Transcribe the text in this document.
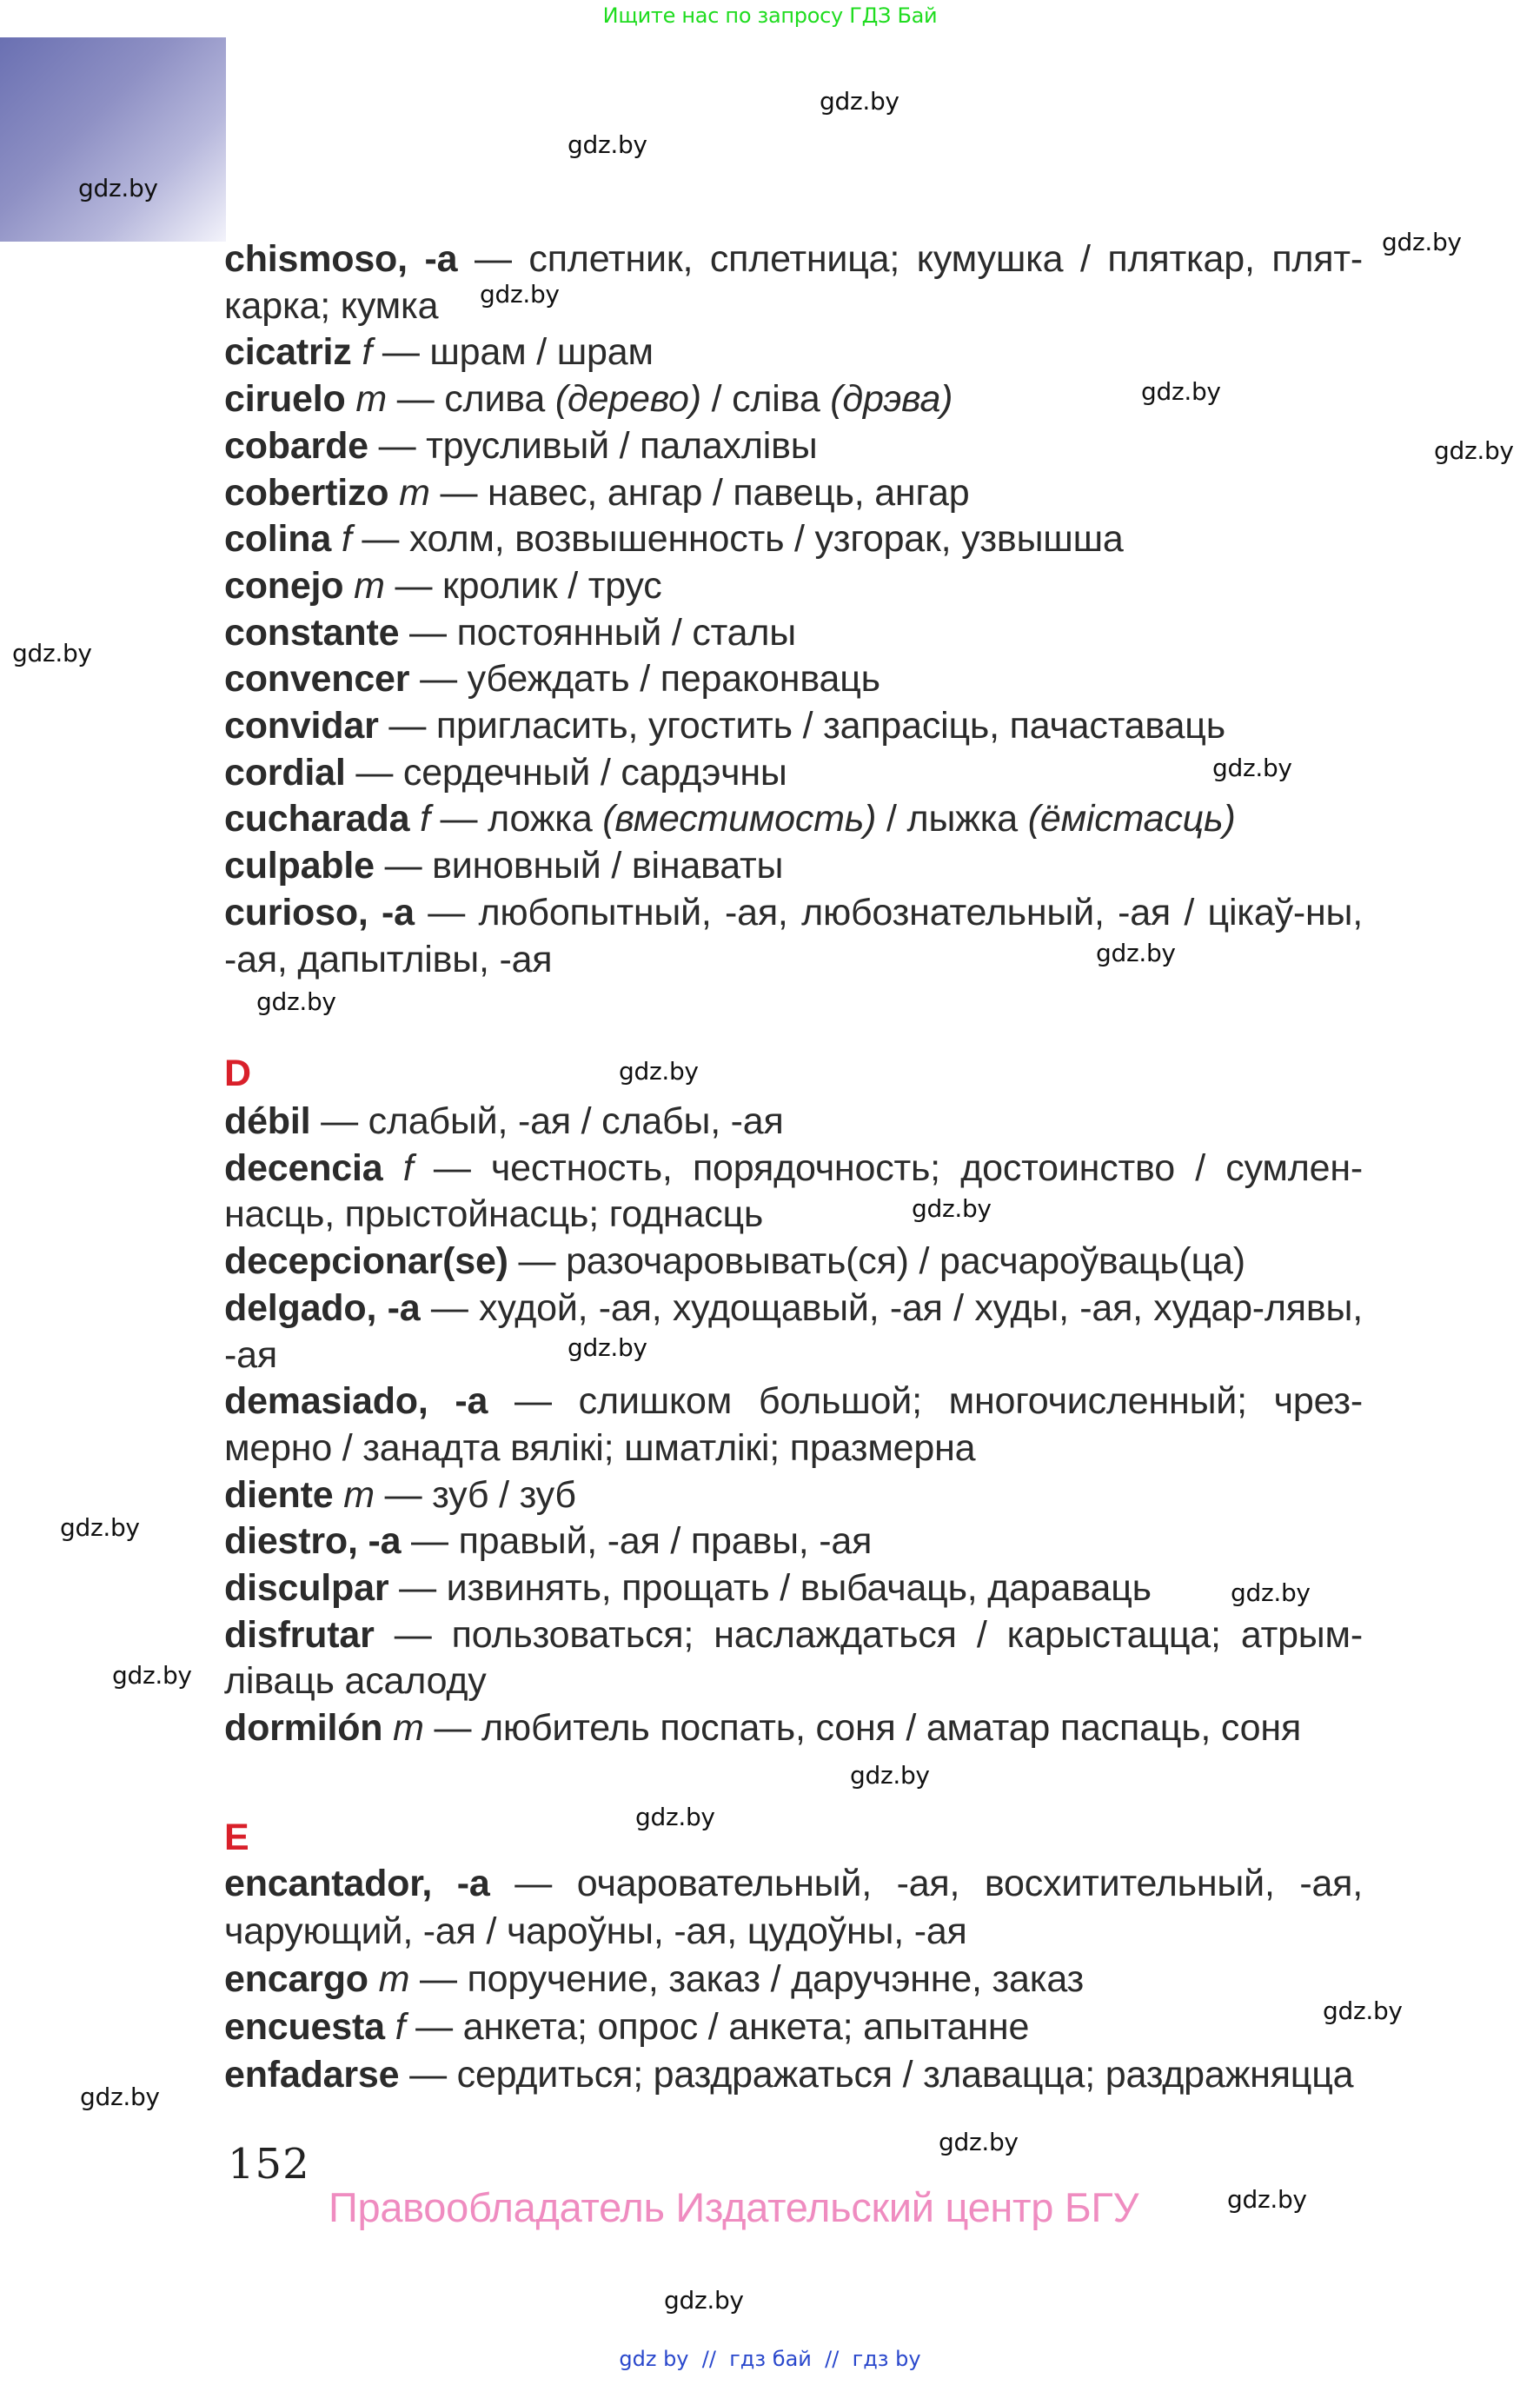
Ищите нас по запросу ГДЗ Бай

chismoso, -a — сплетник, сплетница; кумушка / пляткар, плят-карка; кумка

cicatriz f — шрам / шрам

ciruelo m — слива (дерево) / сліва (дрэва)

cobarde — трусливый / палахлівы

cobertizo m — навес, ангар / павець, ангар

colina f — холм, возвышенность / узгорак, узвышша

conejo m — кролик / трус

constante — постоянный / сталы

convencer — убеждать / пераконваць

convidar — пригласить, угостить / запрасіць, пачаставаць

cordial — сердечный / сардэчны

cucharada f — ложка (вместимость) / лыжка (ёмістасць)

culpable — виновный / вінаваты

curioso, -a — любопытный, -ая, любознательный, -ая / цікаў-ны, -ая, дапытлівы, -ая

D

débil — слабый, -ая / слабы, -ая

decencia f — честность, порядочность; достоинство / сумлен-насць, прыстойнасць; годнасць

decepcionar(se) — разочаровывать(ся) / расчароўваць(ца)

delgado, -a — худой, -ая, худощавый, -ая / худы, -ая, худар-лявы, -ая

demasiado, -a — слишком большой; многочисленный; чрез-мерно / занадта вялікі; шматлікі; празмерна

diente m — зуб / зуб

diestro, -a — правый, -ая / правы, -ая

disculpar — извинять, прощать / выбачаць, дараваць

disfrutar — пользоваться; наслаждаться / карыстацца; атрым-ліваць асалоду

dormilón m — любитель поспать, соня / аматар паспаць, соня

E

encantador, -a — очаровательный, -ая, восхитительный, -ая, чарующий, -ая / чароўны, -ая, цудоўны, -ая

encargo m — поручение, заказ / даручэнне, заказ

encuesta f — анкета; опрос / анкета; апытанне

enfadarse — сердиться; раздражаться / злавацца; раздражняцца

152
Правообладатель Издательский центр БГУ
gdz by  //  гдз бай  //  гдз by
gdz.by
gdz.by
gdz.by
gdz.by
gdz.by
gdz.by
gdz.by
gdz.by
gdz.by
gdz.by
gdz.by
gdz.by
gdz.by
gdz.by
gdz.by
gdz.by
gdz.by
gdz.by
gdz.by
gdz.by
gdz.by
gdz.by
gdz.by
gdz.by
